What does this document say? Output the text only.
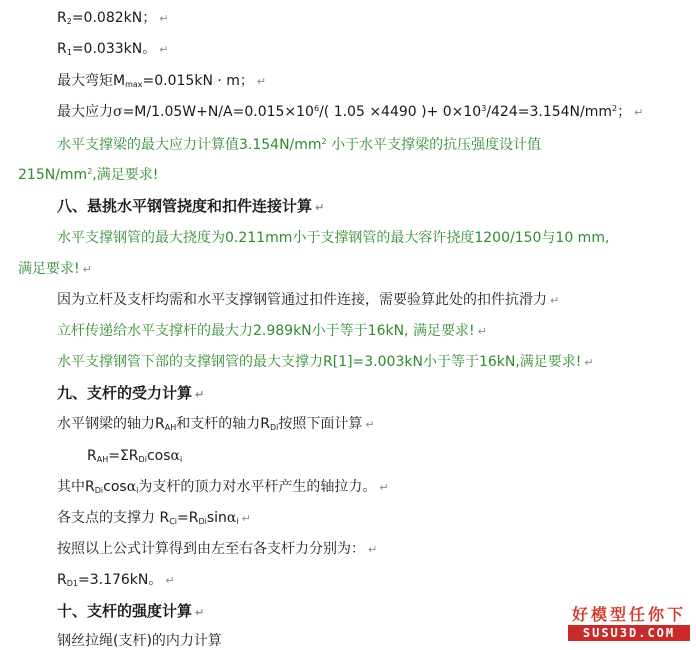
$R_2=0.082kN$； ↵
$R_1=0.033kN$。 ↵
最大弯矩$M_{max}=0.015kN \cdot m$； ↵
最大应力$\sigma=M/1.05W+N/A=0.015\times 10^6/$( 1.05 ×4490 )+ $0\times 10^3/424=3.154N/mm^2$； ↵
水平支撑梁的最大应力计算值$3.154N/mm^2$ 小于水平支撑梁的抗压强度设计值
$215N/mm^2$,满足要求!
八、悬挑水平钢管挠度和扣件连接计算 ↵
水平支撑钢管的最大挠度为0.211mm小于支撑钢管的最大容许挠度1200/150与10 mm,
满足要求! ↵
因为立杆及支杆均需和水平支撑钢管通过扣件连接，需要验算此处的扣件抗滑力 ↵
立杆传递给水平支撑杆的最大力2.989kN小于等于16kN, 满足要求! ↵
水平支撑钢管下部的支撑钢管的最大支撑力R[1]=3.003kN小于等于16kN,满足要求! ↵
九、支杆的受力计算 ↵
水平钢梁的轴力$R_{AH}$和支杆的轴力$R_{Di}$按照下面计算 ↵
$R_{AH}=\Sigma R_{Di}\cos\alpha_i$
其中$R_{Di}\cos\alpha_i$为支杆的顶力对水平杆产生的轴拉力。 ↵
各支点的支撑力 $R_{Ci}=R_{Di}\sin\alpha_i$ ↵
按照以上公式计算得到由左至右各支杆力分别为： ↵
$R_{D1}=3.176kN$。 ↵
十、支杆的强度计算 ↵
钢丝拉绳(支杆)的内力计算
好模型任你下
SUSU3D.COM
